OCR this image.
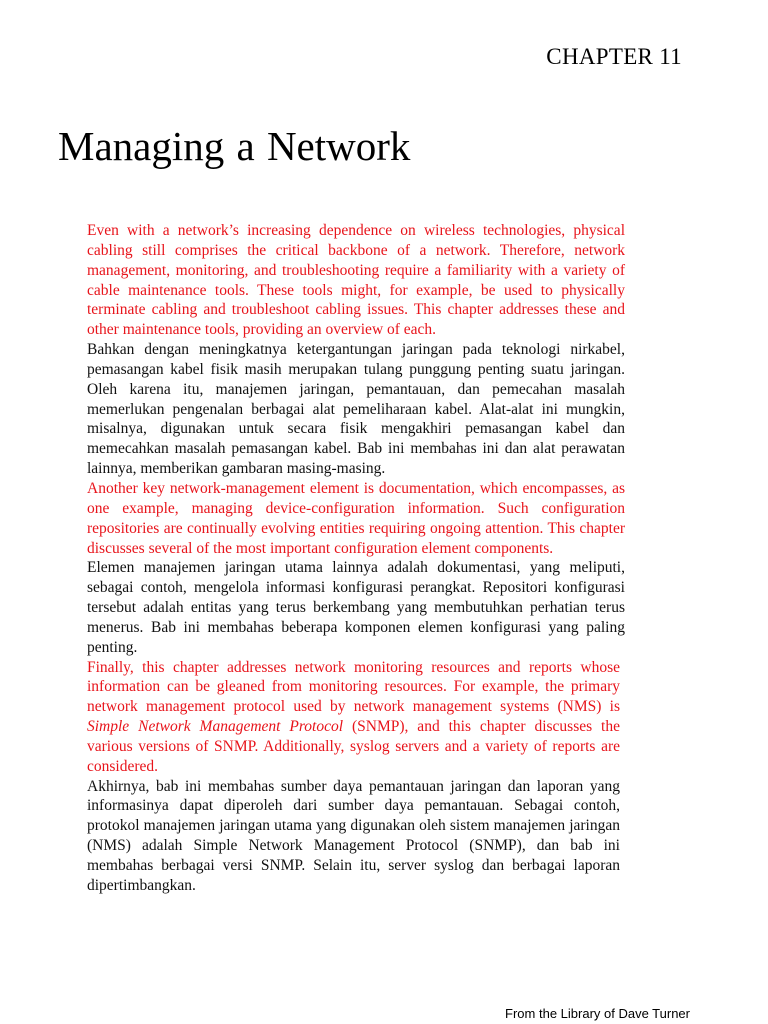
CHAPTER 11
Managing a Network

Even with a network’s increasing dependence on wireless technologies, physical cabling still comprises the critical backbone of a network. Therefore, network management, monitoring, and troubleshooting require a familiarity with a variety of cable maintenance tools. These tools might, for example, be used to physically terminate cabling and troubleshoot cabling issues. This chapter addresses these and other maintenance tools, providing an overview of each.

Bahkan dengan meningkatnya ketergantungan jaringan pada teknologi nirkabel, pemasangan kabel fisik masih merupakan tulang punggung penting suatu jaringan. Oleh karena itu, manajemen jaringan, pemantauan, dan pemecahan masalah memerlukan pengenalan berbagai alat pemeliharaan kabel. Alat-alat ini mungkin, misalnya, digunakan untuk secara fisik mengakhiri pemasangan kabel dan memecahkan masalah pemasangan kabel. Bab ini membahas ini dan alat perawatan lainnya, memberikan gambaran masing-masing.

Another key network-management element is documentation, which encompasses, as one example, managing device-configuration information. Such configuration repositories are continually evolving entities requiring ongoing attention. This chapter discusses several of the most important configuration element components.

Elemen manajemen jaringan utama lainnya adalah dokumentasi, yang meliputi, sebagai contoh, mengelola informasi konfigurasi perangkat. Repositori konfigurasi tersebut adalah entitas yang terus berkembang yang membutuhkan perhatian terus menerus. Bab ini membahas beberapa komponen elemen konfigurasi yang paling penting.

Finally, this chapter addresses network monitoring resources and reports whose information can be gleaned from monitoring resources. For example, the primary network management protocol used by network management systems (NMS) is Simple Network Management Protocol (SNMP), and this chapter discusses the various versions of SNMP. Additionally, syslog servers and a variety of reports are considered.

Akhirnya, bab ini membahas sumber daya pemantauan jaringan dan laporan yang informasinya dapat diperoleh dari sumber daya pemantauan. Sebagai contoh, protokol manajemen jaringan utama yang digunakan oleh sistem manajemen jaringan (NMS) adalah Simple Network Management Protocol (SNMP), dan bab ini membahas berbagai versi SNMP. Selain itu, server syslog dan berbagai laporan dipertimbangkan.

From the Library of Dave Turner
